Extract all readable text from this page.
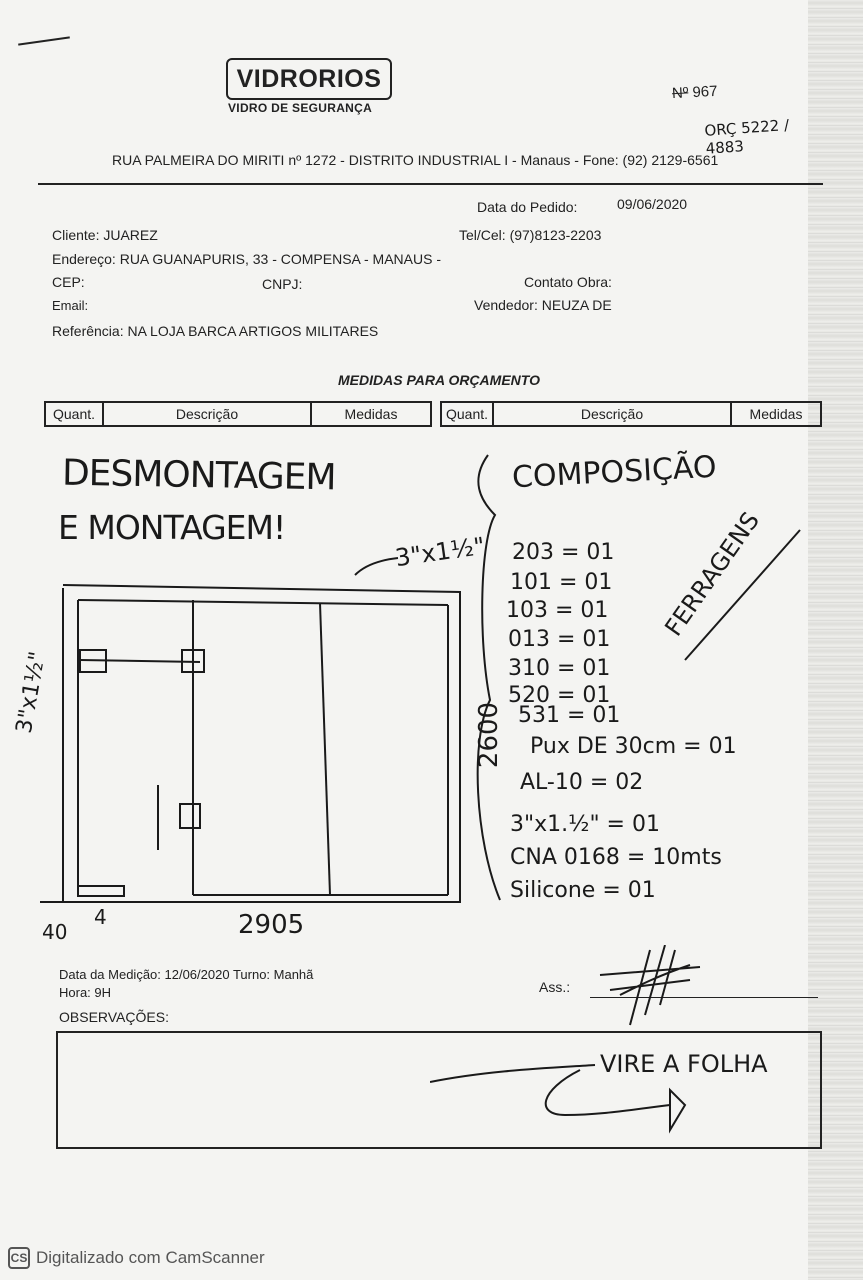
VIDRORIOS
VIDRO DE SEGURANÇA
RUA PALMEIRA DO MIRITI nº 1272 - DISTRITO INDUSTRIAL I - Manaus - Fone: (92) 2129-6561
Nº 967
ORÇ 5222 / 4883
Data do Pedido:	09/06/2020
Cliente: JUAREZ	Tel/Cel: (97)8123-2203
Endereço: RUA GUANAPURIS, 33 - COMPENSA - MANAUS -
CEP:	CNPJ:	Contato Obra:
Email:	Vendedor: NEUZA DE
Referência: NA LOJA BARCA ARTIGOS MILITARES
MEDIDAS PARA ORÇAMENTO
Quant.	Descrição	Medidas	Quant.	Descrição	Medidas
DESMONTAGEM
E MONTAGEM!
3"x1½"
3"x1½"	2600
2905
40
4
COMPOSIÇÃO
FERRAGENS
203 = 01
101 = 01
103 = 01
013 = 01
310 = 01
520 = 01
531 = 01
Pux DE 30cm = 01
AL-10 = 02
3"x1.½" = 01
CNA 0168 = 10mts
Silicone = 01
Data da Medição: 12/06/2020 Turno: Manhã
Hora: 9H	Ass.:
OBSERVAÇÕES:
VIRE A FOLHA
CS Digitalizado com CamScanner
